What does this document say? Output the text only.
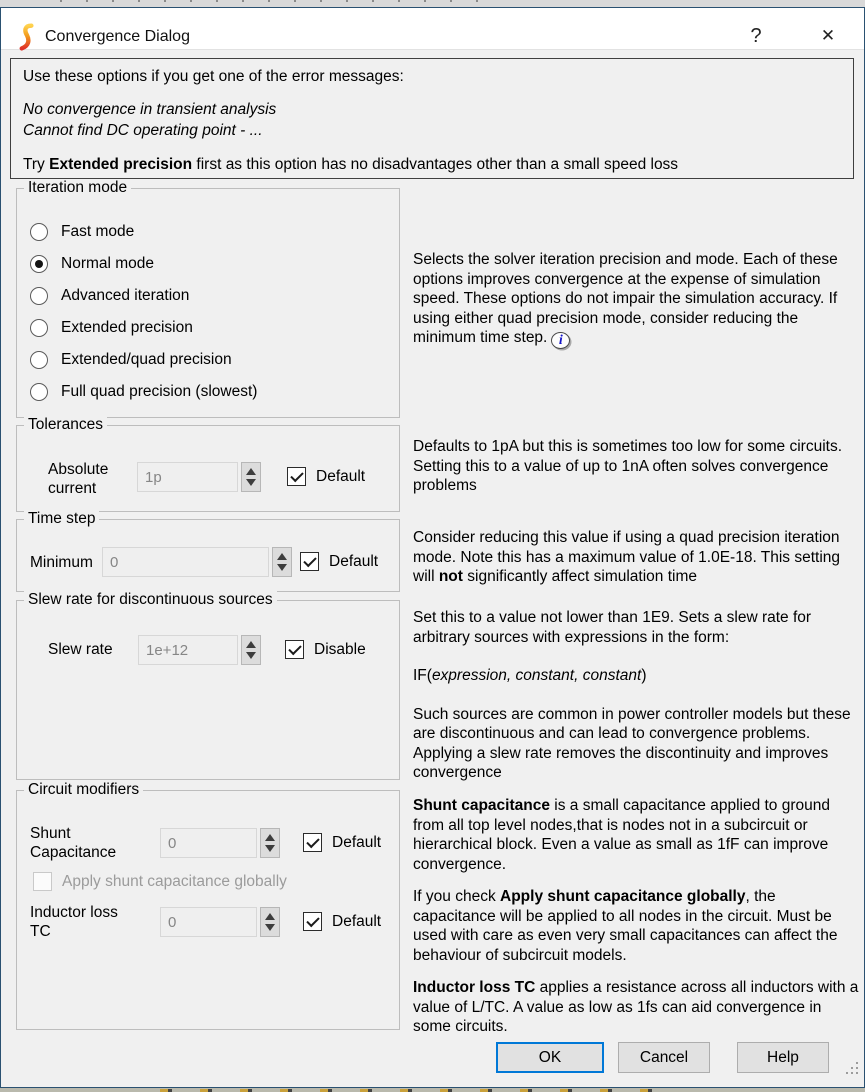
Convergence Dialog	?	✕
Use these options if you get one of the error messages:
No convergence in transient analysis
Cannot find DC operating point - ...
Try Extended precision first as this option has no disadvantages other than a small speed loss
Iteration mode
Fast mode
Normal mode
Advanced iteration
Extended precision
Extended/quad precision
Full quad precision (slowest)
Tolerances
Absolute current
1p	Default
Time step
Minimum	0	Default
Slew rate for discontinuous sources
Slew rate	1e+12	Disable
Circuit modifiers
Shunt Capacitance
0	Default
Apply shunt capacitance globally
Inductor loss TC
0	Default

Selects the solver iteration precision and mode. Each of these options improves convergence at the expense of simulation speed. These options do not impair the simulation accuracy. If using either quad precision mode, consider reducing the minimum time step. i

Defaults to 1pA but this is sometimes too low for some circuits. Setting this to a value of up to 1nA often solves convergence problems

Consider reducing this value if using a quad precision iteration mode. Note this has a maximum value of 1.0E-18. This setting will not significantly affect simulation time

Set this to a value not lower than 1E9. Sets a slew rate for arbitrary sources with expressions in the form:

IF(expression, constant, constant)

Such sources are common in power controller models but these are discontinuous and can lead to convergence problems. Applying a slew rate removes the discontinuity and improves convergence

Shunt capacitance is a small capacitance applied to ground from all top level nodes,that is nodes not in a subcircuit or hierarchical block. Even a value as small as 1fF can improve convergence.

If you check Apply shunt capacitance globally, the capacitance will be applied to all nodes in the circuit. Must be used with care as even very small capacitances can affect the behaviour of subcircuit models.

Inductor loss TC applies a resistance across all inductors with a value of L/TC. A value as low as 1fs can aid convergence in some circuits.

OK	Cancel	Help
